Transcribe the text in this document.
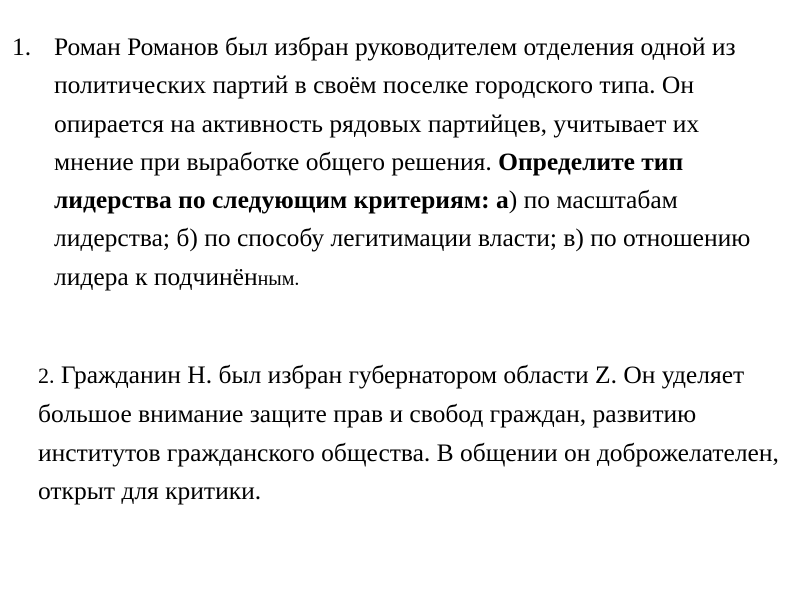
1. Роман Романов был избран руководителем отделения одной из политических партий в своём поселке городского типа. Он опирается на активность рядовых партийцев, учитывает их мнение при выработке общего решения. Определите тип лидерства по следующим критериям: а) по масштабам лидерства; б) по способу легитимации власти; в) по отношению лидера к подчинённым.
2. Гражданин Н. был избран губернатором области Z. Он уделяет большое внимание защите прав и свобод граждан, развитию институтов гражданского общества. В общении он доброжелателен, открыт для критики.
